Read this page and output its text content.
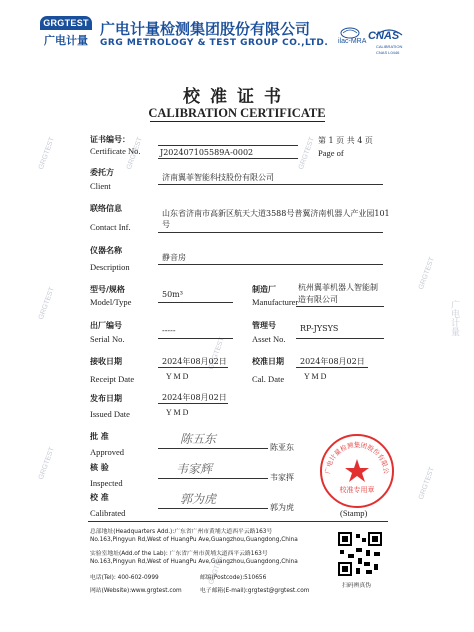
GRGTEST	GRGTEST	GRGTEST
GRGTEST
GRGTEST
GRGTEST
GRGTEST
GRGTEST
GRGTEST
广电计量
GRGTEST
广电计量
广电计量检测集团股份有限公司
GRG METROLOGY & TEST GROUP CO.,LTD. ilac-MRA CNAS
CALIBRATION
CNAS L0446
校准证书
CALIBRATION CERTIFICATE
证书编号：
Certificate No. J202407105589A-0002
第 1 页 共 4 页
Page of
委托方
Client
济南翼菲智能科技股份有限公司
联络信息
Contact Inf.
山东省济南市高新区航天大道3588号普翼济南机器人产业园101
号
仪器名称
Description
静音房
型号/规格
Model/Type
50m³
制造厂
Manufacturer
杭州翼菲机器人智能制
造有限公司
出厂编号
Serial No.
-----
管理号
Asset No.
RP-JYSYS
接收日期
Receipt Date
2024年08月02日
Y M D
校准日期
Cal. Date
2024年08月02日
Y M D
发布日期
Issued Date
2024年08月02日
Y M D
批 准
Approved
陈五东
陈亚东
核 验
Inspected
韦家辉
韦家挥
校 准
Calibrated
郭为虎
郭为虎
广电计量检测集团股份有限公
校准专用章
(Stamp)
总部地址(Headquarters Add.):广东省广州市黄埔大道西平云路163号
No.163,Pingyun Rd,West of HuangPu Ave,Guangzhou,Guangdong,China
实验室地址(Add.of the Lab): 广东省广州市黄埔大道西平云路163号
No.163,Pingyun Rd,West of HuangPu Ave,Guangzhou,Guangdong,China
电话(Tel): 400-602-0999	邮编(Postcode):510656
网站(Website):www.grgtest.com	电子邮箱(E-mail):grgtest@grgtest.com
扫码辨真伪
